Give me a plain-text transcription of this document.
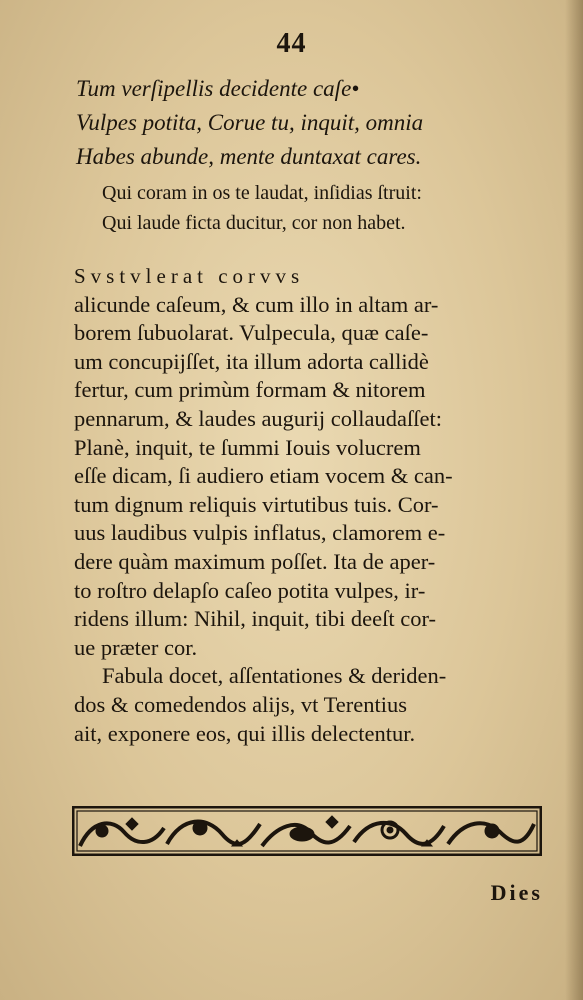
44
Tum verſipellis decidente caſe•
Vulpes potita, Corue tu, inquit, omnia
Habes abunde, mente duntaxat cares.
Qui coram in os te laudat, inſidias ſtruit:
Qui laude ficta ducitur, cor non habet.
Svstvlerat corvvs
alicunde caſeum, & cum illo in altam ar-
borem ſubuolarat. Vulpecula, quæ caſe-
um concupijſſet, ita illum adorta callidè
fertur, cum primùm formam & nitorem
pennarum, & laudes augurij collaudaſſet:
Planè, inquit, te ſummi Iouis volucrem
eſſe dicam, ſi audiero etiam vocem & can-
tum dignum reliquis virtutibus tuis. Cor-
uus laudibus vulpis inflatus, clamorem e-
dere quàm maximum poſſet. Ita de aper-
to roſtro delapſo caſeo potita vulpes, ir-
ridens illum: Nihil, inquit, tibi deeſt cor-
ue præter cor.
Fabula docet, aſſentationes & deriden-
dos & comedendos alijs, vt Terentius
ait, exponere eos, qui illis delectentur.
Dies
